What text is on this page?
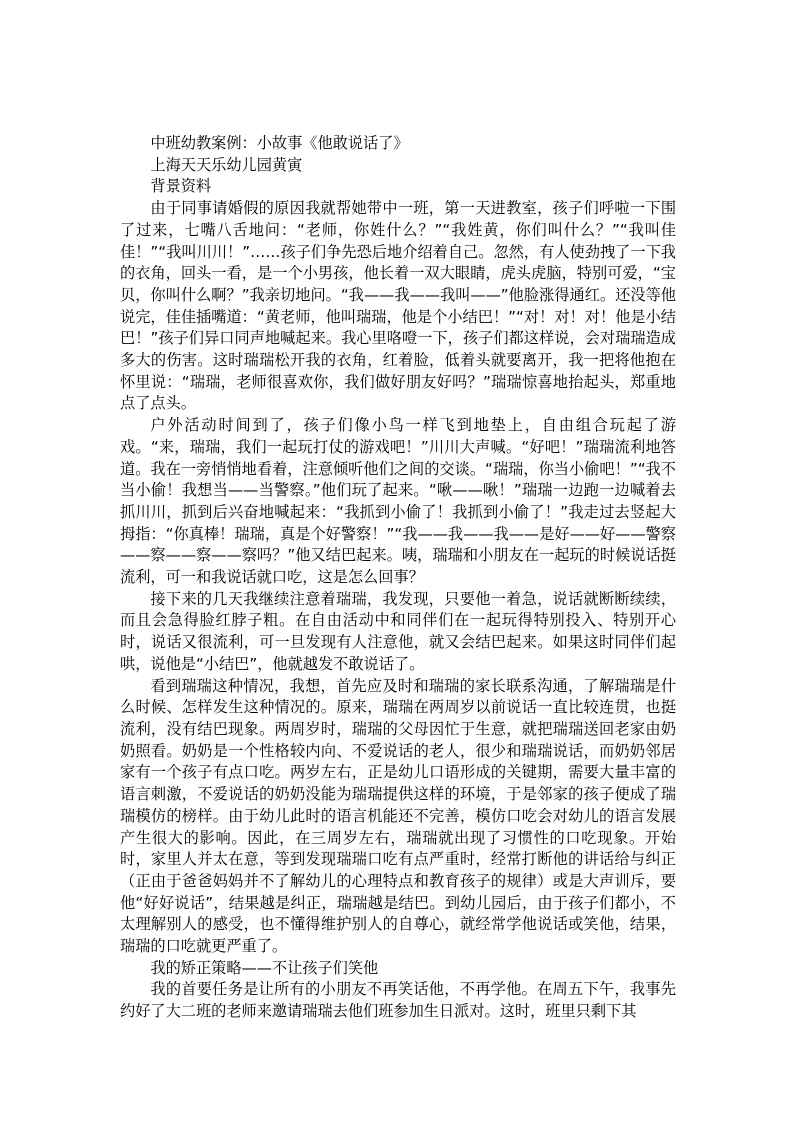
中班幼教案例：小故事《他敢说话了》

上海天天乐幼儿园黄寅

背景资料

由于同事请婚假的原因我就帮她带中一班，第一天进教室，孩子们呼啦一下围了过来，七嘴八舌地问：“老师，你姓什么？”“我姓黄，你们叫什么？”“我叫佳佳！”“我叫川川！”……孩子们争先恐后地介绍着自己。忽然，有人使劲拽了一下我的衣角，回头一看，是一个小男孩，他长着一双大眼睛，虎头虎脑，特别可爱，“宝贝，你叫什么啊？”我亲切地问。“我——我——我叫——”他脸涨得通红。还没等他说完，佳佳插嘴道：“黄老师，他叫瑞瑞，他是个小结巴！”“对！对！对！他是小结巴！”孩子们异口同声地喊起来。我心里咯噔一下，孩子们都这样说，会对瑞瑞造成多大的伤害。这时瑞瑞松开我的衣角，红着脸，低着头就要离开，我一把将他抱在怀里说：“瑞瑞，老师很喜欢你，我们做好朋友好吗？”瑞瑞惊喜地抬起头，郑重地点了点头。

户外活动时间到了，孩子们像小鸟一样飞到地垫上，自由组合玩起了游戏。“来，瑞瑞，我们一起玩打仗的游戏吧！”川川大声喊。“好吧！”瑞瑞流利地答道。我在一旁悄悄地看着，注意倾听他们之间的交谈。“瑞瑞，你当小偷吧！”“我不当小偷！我想当——当警察。”他们玩了起来。“啾——啾！”瑞瑞一边跑一边喊着去抓川川，抓到后兴奋地喊起来：“我抓到小偷了！我抓到小偷了！”我走过去竖起大拇指：“你真棒！瑞瑞，真是个好警察！”“我——我——我——是好——好——警察——察——察——察吗？”他又结巴起来。咦，瑞瑞和小朋友在一起玩的时候说话挺流利，可一和我说话就口吃，这是怎么回事？

接下来的几天我继续注意着瑞瑞，我发现，只要他一着急，说话就断断续续，而且会急得脸红脖子粗。在自由活动中和同伴们在一起玩得特别投入、特别开心时，说话又很流利，可一旦发现有人注意他，就又会结巴起来。如果这时同伴们起哄，说他是“小结巴”，他就越发不敢说话了。

看到瑞瑞这种情况，我想，首先应及时和瑞瑞的家长联系沟通，了解瑞瑞是什么时候、怎样发生这种情况的。原来，瑞瑞在两周岁以前说话一直比较连贯，也挺流利，没有结巴现象。两周岁时，瑞瑞的父母因忙于生意，就把瑞瑞送回老家由奶奶照看。奶奶是一个性格较内向、不爱说话的老人，很少和瑞瑞说话，而奶奶邻居家有一个孩子有点口吃。两岁左右，正是幼儿口语形成的关键期，需要大量丰富的语言刺激，不爱说话的奶奶没能为瑞瑞提供这样的环境，于是邻家的孩子便成了瑞瑞模仿的榜样。由于幼儿此时的语言机能还不完善，模仿口吃会对幼儿的语言发展产生很大的影响。因此，在三周岁左右，瑞瑞就出现了习惯性的口吃现象。开始时，家里人并太在意，等到发现瑞瑞口吃有点严重时，经常打断他的讲话给与纠正（正由于爸爸妈妈并不了解幼儿的心理特点和教育孩子的规律）或是大声训斥，要他“好好说话”，结果越是纠正，瑞瑞越是结巴。到幼儿园后，由于孩子们都小，不太理解别人的感受，也不懂得维护别人的自尊心，就经常学他说话或笑他，结果，瑞瑞的口吃就更严重了。

我的矫正策略——不让孩子们笑他

我的首要任务是让所有的小朋友不再笑话他，不再学他。在周五下午，我事先约好了大二班的老师来邀请瑞瑞去他们班参加生日派对。这时，班里只剩下其
